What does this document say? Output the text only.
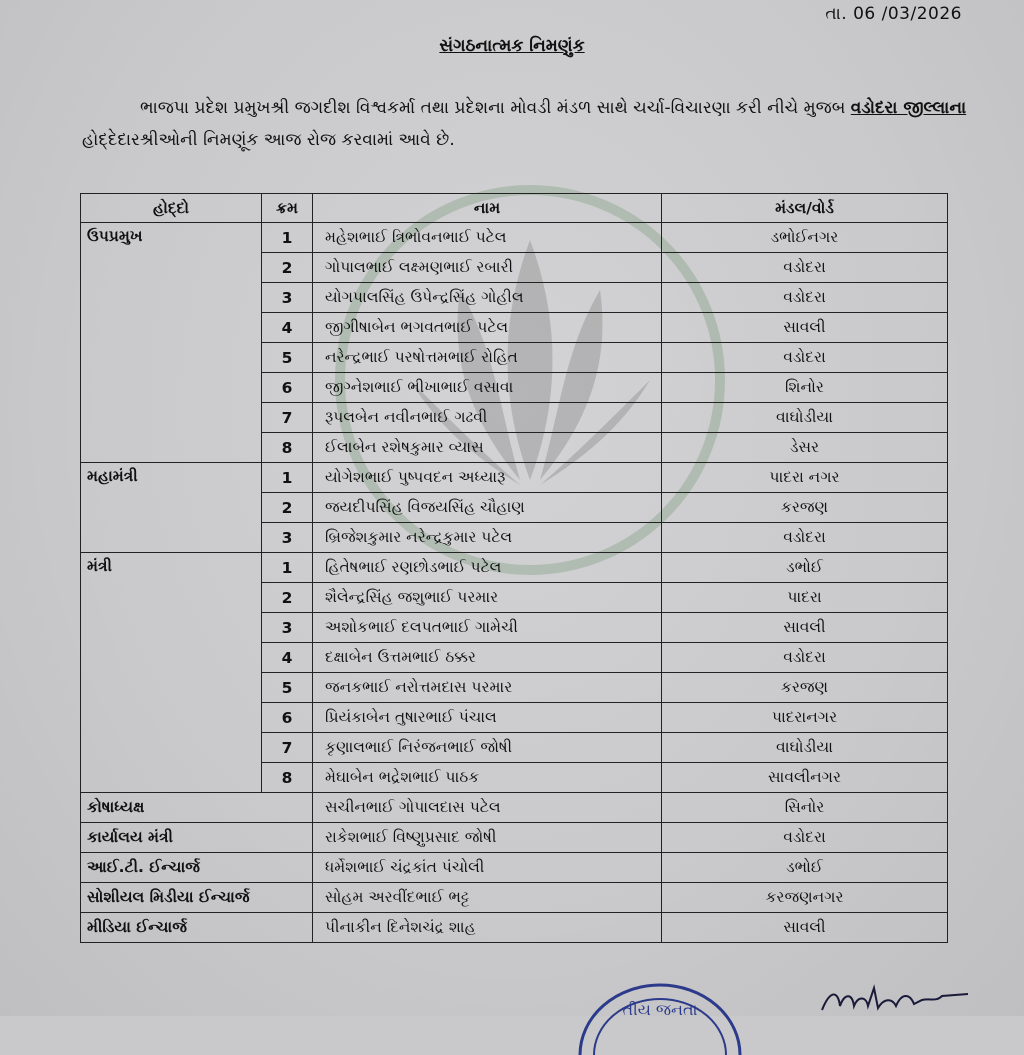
તા. 06 /03/2026
સંગઠનાત્મક નિમણુંક
ભાજપા પ્રદેશ પ્રમુખશ્રી જગદીશ વિશ્વકર્મા તથા પ્રદેશના મોવડી મંડળ સાથે ચર્ચા-વિચારણા કરી નીચે મુજબ વડોદરા જીલ્લાના હોદ્દેદારશ્રીઓની નિમણૂંક આજ રોજ કરવામાં આવે છે.
હોદ્દો	ક્રમ	નામ	મંડલ/વોર્ડ
ઉપપ્રમુખ	1	મહેશભાઈ ત્રિભોવનભાઈ પટેલ	ડભોઈનગર
	2	ગોપાલભાઈ લક્ષ્મણભાઈ રબારી	વડોદરા
	3	યોગપાલસિંહ ઉપેન્દ્રસિંહ ગોહીલ	વડોદરા
	4	જીગીષાબેન ભગવતભાઈ પટેલ	સાવલી
	5	નરેન્દ્રભાઈ પરષોત્તમભાઈ રોહિત	વડોદરા
	6	જીગ્નેશભાઈ ભીખાભાઈ વસાવા	શિનોર
	7	રૂપલબેન નવીનભાઈ ગઢવી	વાઘોડીયા
	8	ઈલાબેન રશેષકુમાર વ્યાસ	ડેસર
મહામંત્રી	1	યોગેશભાઈ પુષ્પવદન અધ્યારૂ	પાદરા નગર
	2	જયદીપસિંહ વિજયસિંહ ચૌહાણ	કરજણ
	3	બ્રિજેશકુમાર નરેન્દ્રકુમાર પટેલ	વડોદરા
મંત્રી	1	હિતેષભાઈ રણછોડભાઈ પટેલ	ડભોઈ
	2	શૈલેન્દ્રસિંહ જશુભાઈ પરમાર	પાદરા
	3	અશોકભાઈ દલપતભાઈ ગામેચી	સાવલી
	4	દક્ષાબેન ઉત્તમભાઈ ઠક્કર	વડોદરા
	5	જનકભાઈ નરોત્તમદાસ પરમાર	કરજણ
	6	પ્રિયંકાબેન તુષારભાઈ પંચાલ	પાદરાનગર
	7	કૃણાલભાઈ નિરંજનભાઈ જોષી	વાઘોડીયા
	8	મેઘાબેન ભદ્રેશભાઈ પાઠક	સાવલીનગર
કોષાધ્યક્ષ		સચીનભાઈ ગોપાલદાસ પટેલ	સિનોર
કાર્યાલય મંત્રી		રાકેશભાઈ વિષ્ણુપ્રસાદ જોષી	વડોદરા
આઈ.ટી. ઈન્ચાર્જ		ધર્મેશભાઈ ચંદ્રકાંત પંચોલી	ડભોઈ
સોશીયલ મિડીયા ઈન્ચાર્જ		સોહમ અરવીંદભાઈ ભટ્ટ	કરજણનગર
મીડિયા ઈન્ચાર્જ		પીનાકીન દિનેશચંદ્ર શાહ	સાવલી
તીય જનતા
